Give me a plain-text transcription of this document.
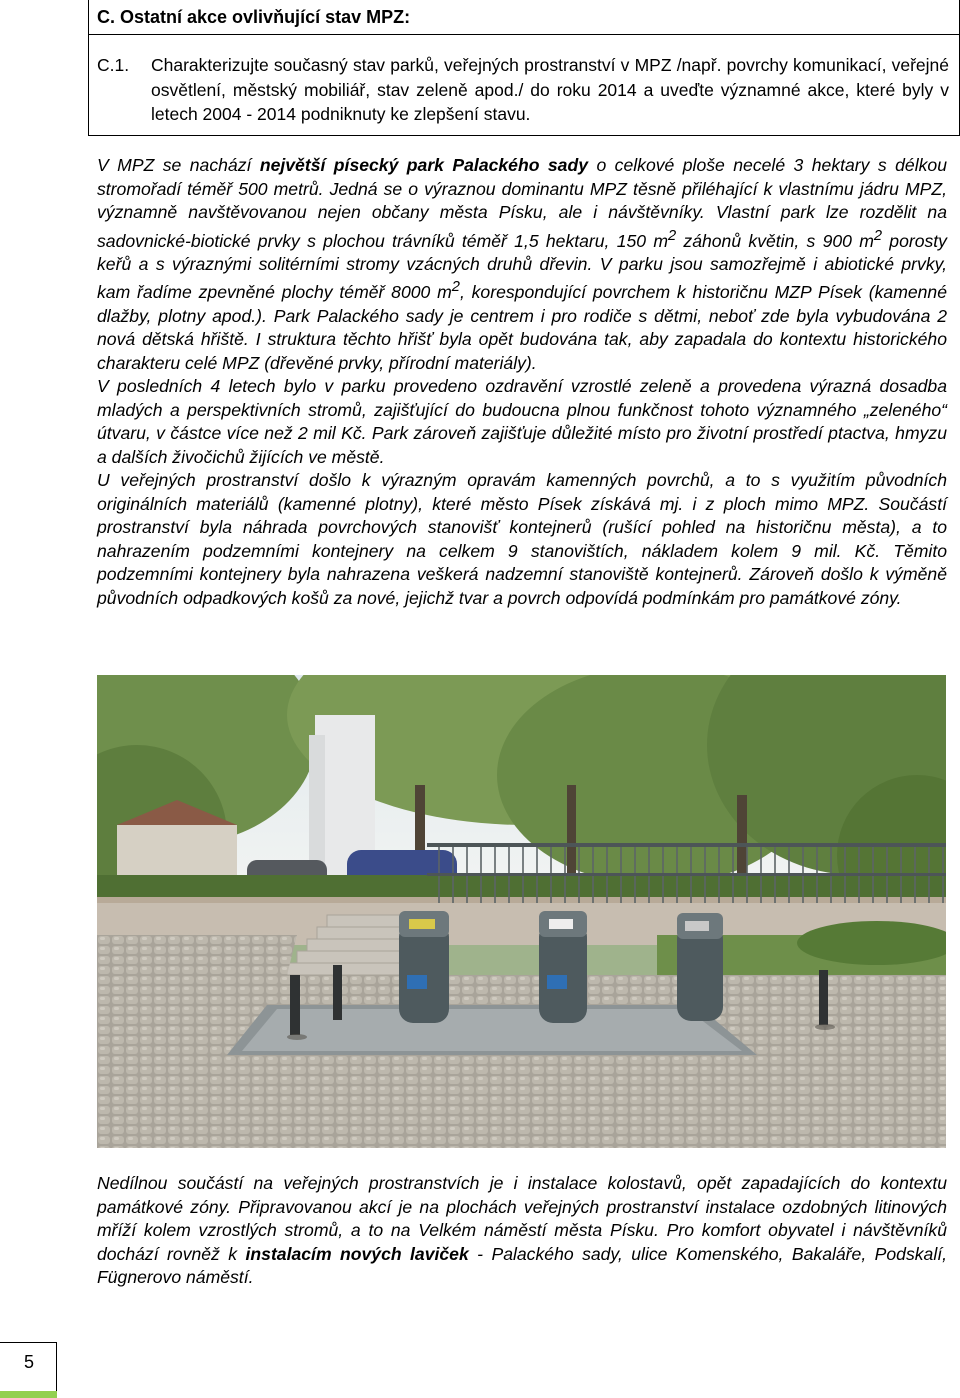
C. Ostatní akce ovlivňující stav MPZ:
C.1.	Charakterizujte současný stav parků, veřejných prostranství v MPZ /např. povrchy komunikací, veřejné osvětlení, městský mobiliář, stav zeleně apod./ do roku 2014 a uveďte významné akce, které byly v letech 2004 - 2014 podniknuty ke zlepšení stavu.

V MPZ se nachází největší písecký park Palackého sady o celkové ploše necelé 3 hektary s délkou stromořadí téměř 500 metrů. Jedná se o výraznou dominantu MPZ těsně přiléhající k vlastnímu jádru MPZ, významně navštěvovanou nejen občany města Písku, ale i návštěvníky. Vlastní park lze rozdělit na sadovnické-biotické prvky s plochou trávníků téměř 1,5 hektaru, 150 $m^2$ záhonů květin, s 900 $m^2$ porosty keřů a s výraznými solitérními stromy vzácných druhů dřevin. V parku jsou samozřejmě i abiotické prvky, kam řadíme zpevněné plochy téměř 8000 $m^2$, korespondující povrchem k historičnu MZP Písek (kamenné dlažby, plotny apod.). Park Palackého sady je centrem i pro rodiče s dětmi, neboť zde byla vybudována 2 nová dětská hřiště. I struktura těchto hřišť byla opět budována tak, aby zapadala do kontextu historického charakteru celé MPZ (dřevěné prvky, přírodní materiály).

V posledních 4 letech bylo v parku provedeno ozdravění vzrostlé zeleně a provedena výrazná dosadba mladých a perspektivních stromů, zajišťující do budoucna plnou funkčnost tohoto významného „zeleného“ útvaru, v částce více než 2 mil Kč. Park zároveň zajišťuje důležité místo pro životní prostředí ptactva, hmyzu a dalších živočichů žijících ve městě.

U veřejných prostranství došlo k výrazným opravám kamenných povrchů, a to s využitím původních originálních materiálů (kamenné plotny), které město Písek získává mj. i z ploch mimo MPZ. Součástí prostranství byla náhrada povrchových stanovišť kontejnerů (rušící pohled na historičnu města), a to nahrazením podzemními kontejnery na celkem 9 stanovištích, nákladem kolem 9 mil. Kč. Těmito podzemními kontejnery byla nahrazena veškerá nadzemní stanoviště kontejnerů. Zároveň došlo k výměně původních odpadkových košů za nové, jejichž tvar a povrch odpovídá podmínkám pro památkové zóny.

Nedílnou součástí na veřejných prostranstvích je i instalace kolostavů, opět zapadajících do kontextu památkové zóny. Připravovanou akcí je na plochách veřejných prostranství instalace ozdobných litinových mříží kolem vzrostlých stromů, a to na Velkém náměstí města Písku. Pro komfort obyvatel i návštěvníků dochází rovněž k instalacím nových laviček - Palackého sady, ulice Komenského, Bakaláře, Podskalí, Fügnerovo náměstí.

5
